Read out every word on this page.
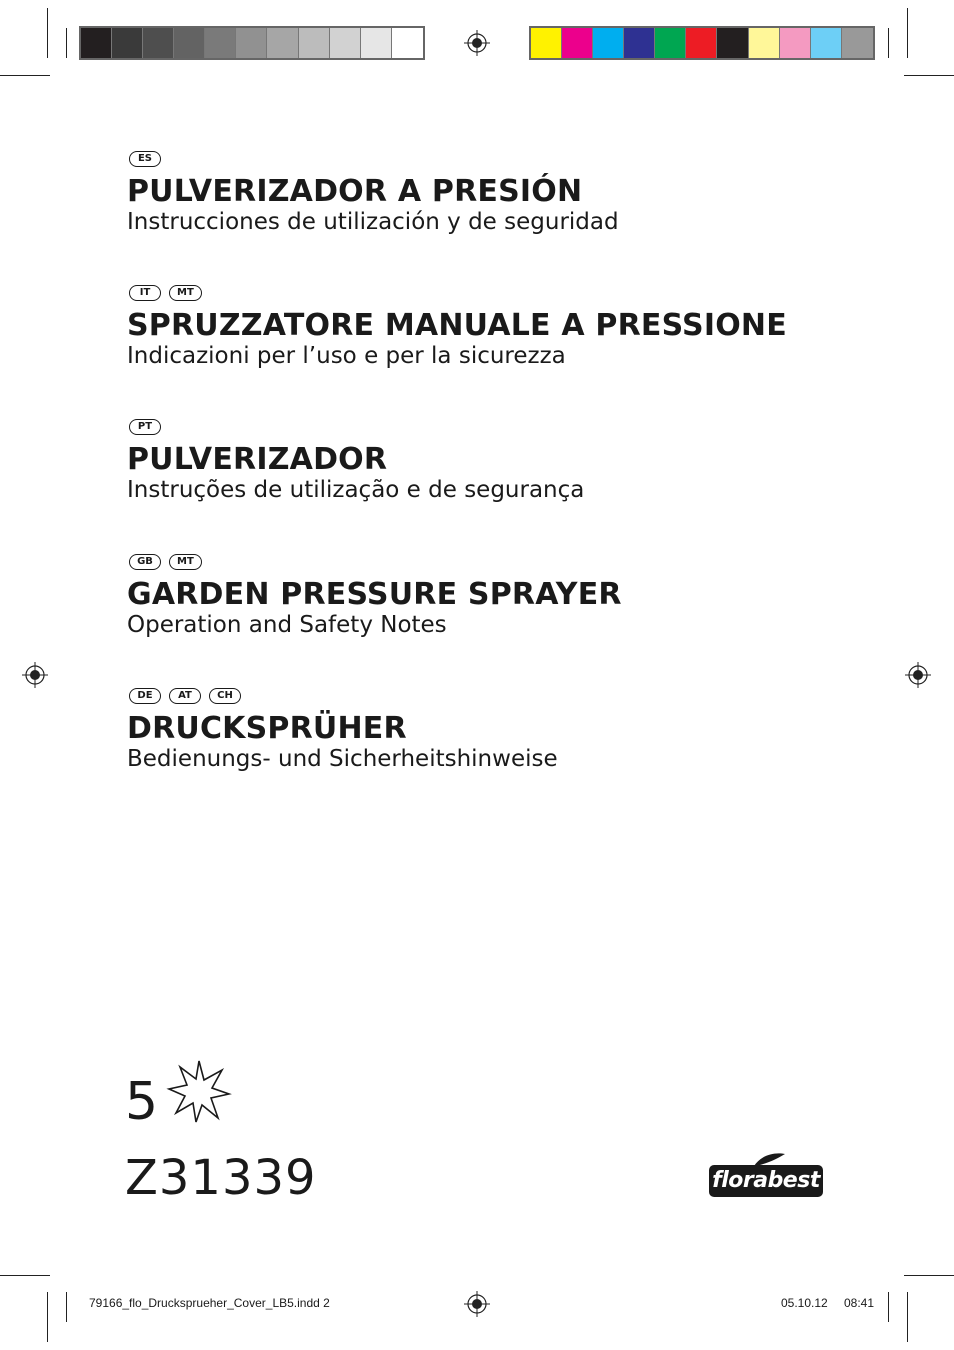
ES
PULVERIZADOR A PRESIÓN
Instrucciones de utilización y de seguridad
IT	MT
SPRUZZATORE MANUALE A PRESSIONE
Indicazioni per l’uso e per la sicurezza
PT
PULVERIZADOR
Instruções de utilização e de segurança
GB	MT
GARDEN PRESSURE SPRAYER
Operation and Safety Notes
DE	AT	CH
DRUCKSPRÜHER
Bedienungs- und Sicherheitshinweise
5
Z31339	florabest
79166_flo_Drucksprueher_Cover_LB5.indd 2	05.10.12 08:41
